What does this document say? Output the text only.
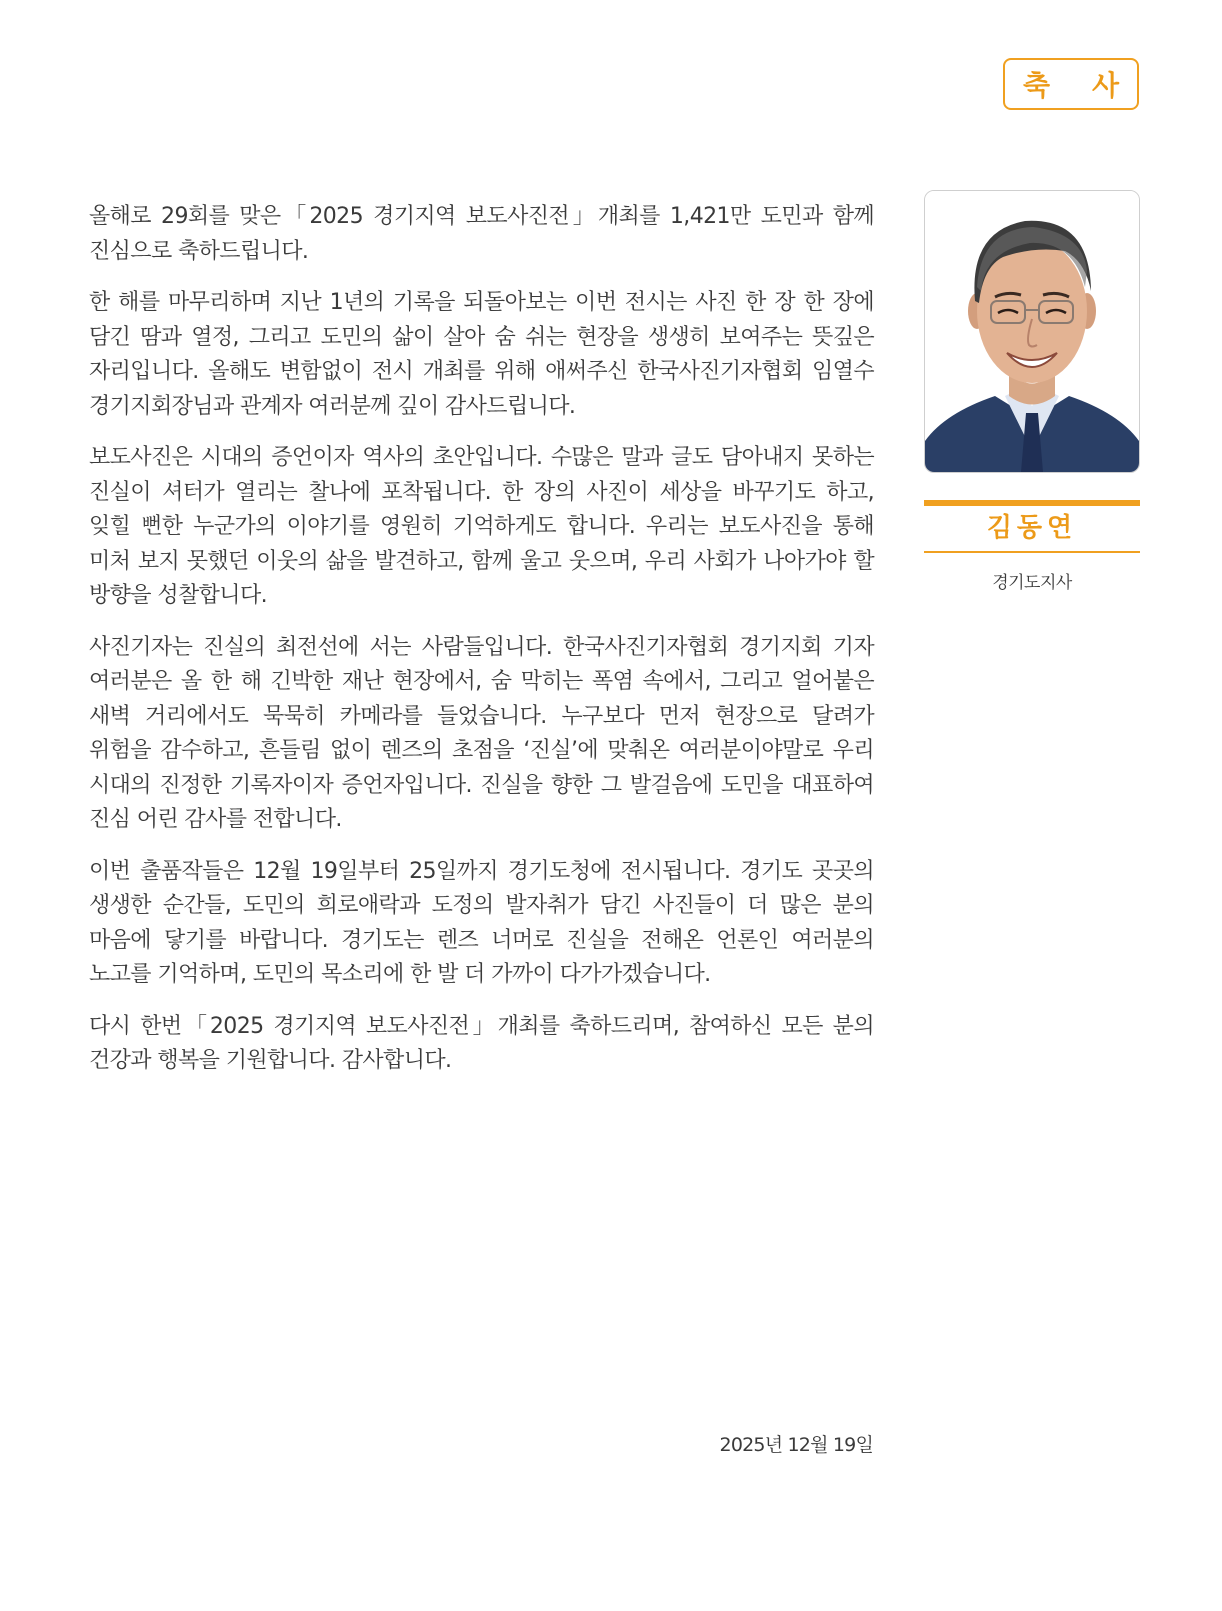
축 사

올해로 29회를 맞은「2025 경기지역 보도사진전」개최를 1,421만 도민과 함께 진심으로 축하드립니다.

한 해를 마무리하며 지난 1년의 기록을 되돌아보는 이번 전시는 사진 한 장 한 장에 담긴 땀과 열정, 그리고 도민의 삶이 살아 숨 쉬는 현장을 생생히 보여주는 뜻깊은 자리입니다. 올해도 변함없이 전시 개최를 위해 애써주신 한국사진기자협회 임열수 경기지회장님과 관계자 여러분께 깊이 감사드립니다.

보도사진은 시대의 증언이자 역사의 초안입니다. 수많은 말과 글도 담아내지 못하는 진실이 셔터가 열리는 찰나에 포착됩니다. 한 장의 사진이 세상을 바꾸기도 하고, 잊힐 뻔한 누군가의 이야기를 영원히 기억하게도 합니다. 우리는 보도사진을 통해 미처 보지 못했던 이웃의 삶을 발견하고, 함께 울고 웃으며, 우리 사회가 나아가야 할 방향을 성찰합니다.

사진기자는 진실의 최전선에 서는 사람들입니다. 한국사진기자협회 경기지회 기자 여러분은 올 한 해 긴박한 재난 현장에서, 숨 막히는 폭염 속에서, 그리고 얼어붙은 새벽 거리에서도 묵묵히 카메라를 들었습니다. 누구보다 먼저 현장으로 달려가 위험을 감수하고, 흔들림 없이 렌즈의 초점을 ‘진실’에 맞춰온 여러분이야말로 우리 시대의 진정한 기록자이자 증언자입니다. 진실을 향한 그 발걸음에 도민을 대표하여 진심 어린 감사를 전합니다.

이번 출품작들은 12월 19일부터 25일까지 경기도청에 전시됩니다. 경기도 곳곳의 생생한 순간들, 도민의 희로애락과 도정의 발자취가 담긴 사진들이 더 많은 분의 마음에 닿기를 바랍니다. 경기도는 렌즈 너머로 진실을 전해온 언론인 여러분의 노고를 기억하며, 도민의 목소리에 한 발 더 가까이 다가가겠습니다.

다시 한번「2025 경기지역 보도사진전」개최를 축하드리며, 참여하신 모든 분의 건강과 행복을 기원합니다. 감사합니다.

2025년 12월 19일
김동연
경기도지사
